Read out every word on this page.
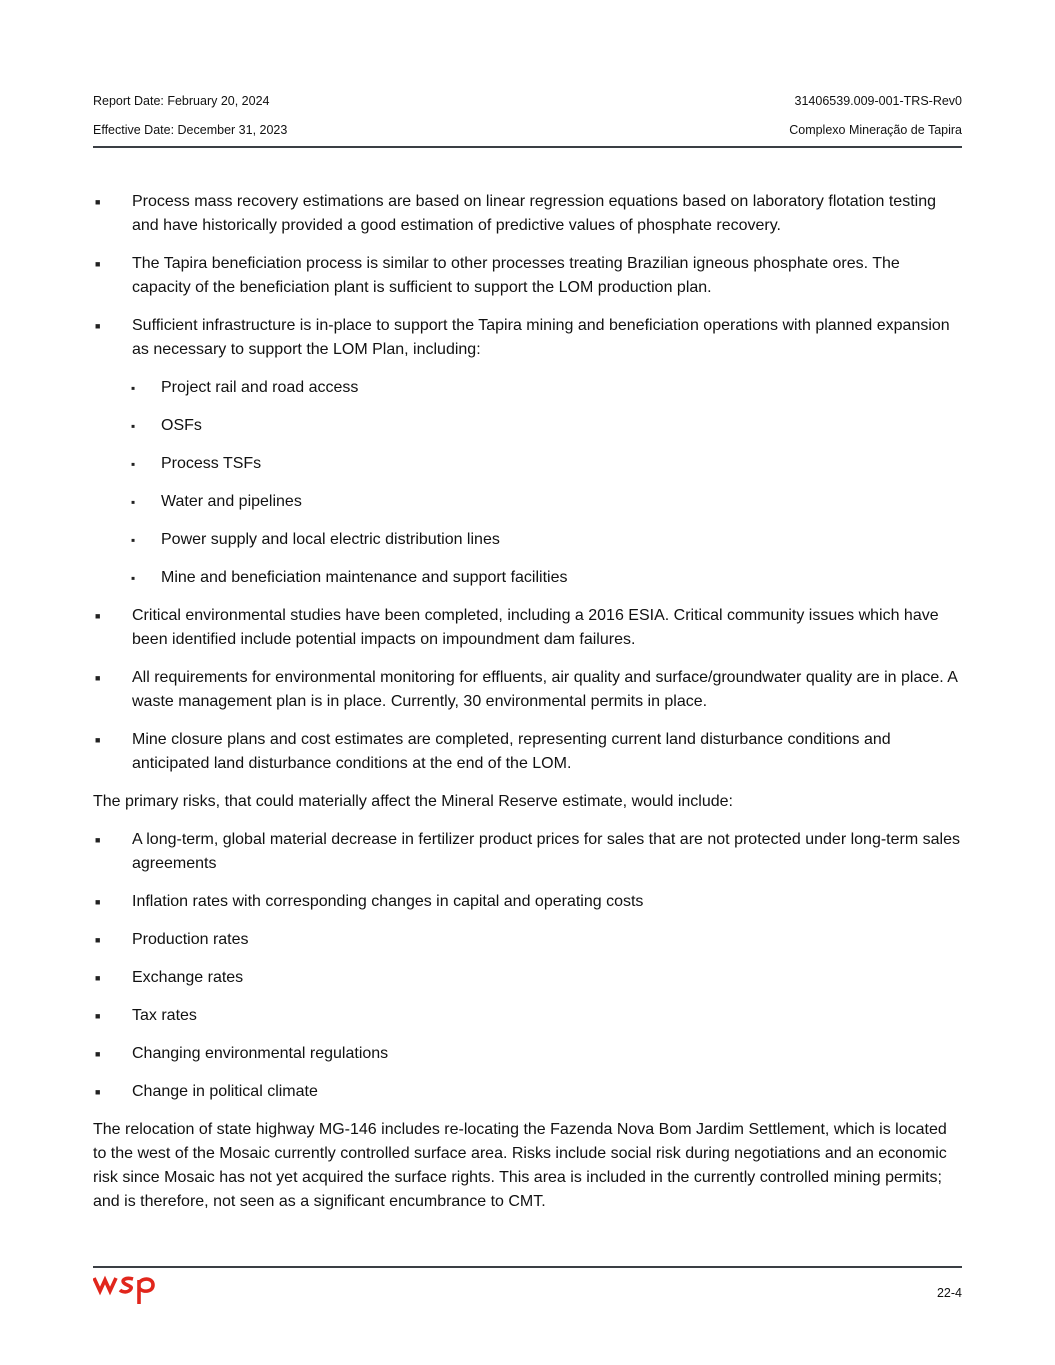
Report Date: February 20, 2024	31406539.009-001-TRS-Rev0
Effective Date: December 31, 2023	Complexo Mineração de Tapira

■ Process mass recovery estimations are based on linear regression equations based on laboratory flotation testing and have historically provided a good estimation of predictive values of phosphate recovery.

■ The Tapira beneficiation process is similar to other processes treating Brazilian igneous phosphate ores. The capacity of the beneficiation plant is sufficient to support the LOM production plan.

■ Sufficient infrastructure is in-place to support the Tapira mining and beneficiation operations with planned expansion as necessary to support the LOM Plan, including:

▪ Project rail and road access

▪ OSFs

▪ Process TSFs

▪ Water and pipelines

▪ Power supply and local electric distribution lines

▪ Mine and beneficiation maintenance and support facilities

■ Critical environmental studies have been completed, including a 2016 ESIA. Critical community issues which have been identified include potential impacts on impoundment dam failures.

■ All requirements for environmental monitoring for effluents, air quality and surface/groundwater quality are in place. A waste management plan is in place. Currently, 30 environmental permits in place.

■ Mine closure plans and cost estimates are completed, representing current land disturbance conditions and anticipated land disturbance conditions at the end of the LOM.

The primary risks, that could materially affect the Mineral Reserve estimate, would include:

■ A long-term, global material decrease in fertilizer product prices for sales that are not protected under long-term sales agreements

■ Inflation rates with corresponding changes in capital and operating costs

■ Production rates

■ Exchange rates

■ Tax rates

■ Changing environmental regulations

■ Change in political climate

The relocation of state highway MG-146 includes re-locating the Fazenda Nova Bom Jardim Settlement, which is located to the west of the Mosaic currently controlled surface area. Risks include social risk during negotiations and an economic risk since Mosaic has not yet acquired the surface rights. This area is included in the currently controlled mining permits; and is therefore, not seen as a significant encumbrance to CMT.

22-4
